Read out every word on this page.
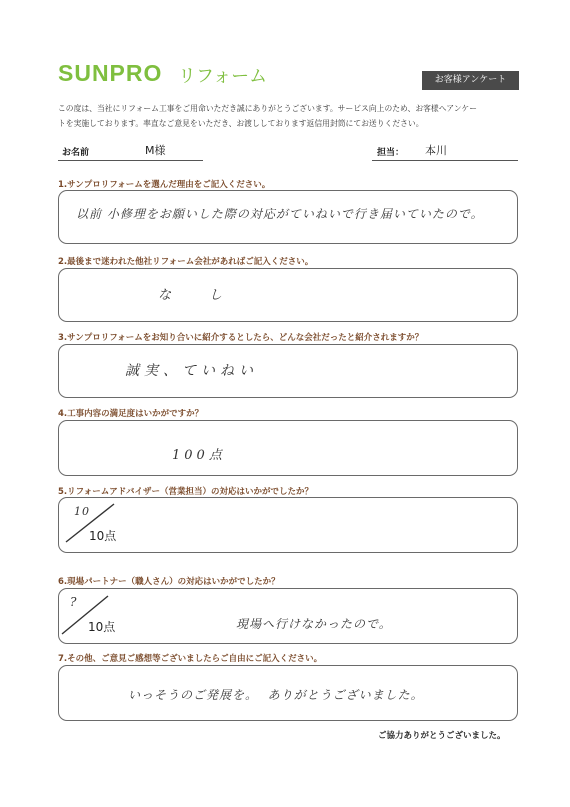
SUNPRO リフォーム	お客様アンケート
この度は、当社にリフォーム工事をご用命いただき誠にありがとうございます。サービス向上のため、お客様へアンケー
トを実施しております。率直なご意見をいただき、お渡ししております返信用封筒にてお送りください。
お名前	M様	担当： 本川
1.サンプロリフォームを選んだ理由をご記入ください。
以前 小修理をお願いした際の対応がていねいで行き届いていたので。
2.最後まで迷われた他社リフォーム会社があればご記入ください。
なし
3.サンプロリフォームをお知り合いに紹介するとしたら、どんな会社だったと紹介されますか？
誠実、ていねい
4.工事内容の満足度はいかがですか？
100点
5.リフォームアドバイザー（営業担当）の対応はいかがでしたか？
10
10点
6.現場パートナー（職人さん）の対応はいかがでしたか？
?
10点	現場へ行けなかったので。
7.その他、ご意見ご感想等ございましたらご自由にご記入ください。
いっそうのご発展を。  ありがとうございました。
ご協力ありがとうございました。
